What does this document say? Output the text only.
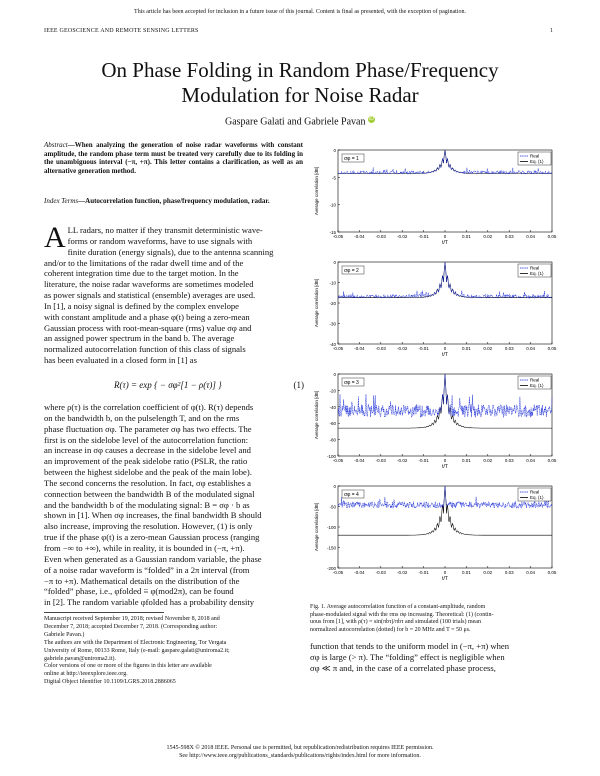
This article has been accepted for inclusion in a future issue of this journal. Content is final as presented, with the exception of pagination.
IEEE GEOSCIENCE AND REMOTE SENSING LETTERS	1
On Phase Folding in Random Phase/Frequency
Modulation for Noise Radar
Gaspare Galati and Gabriele Pavan iD
Abstract—When analyzing the generation of noise radar waveforms with constant amplitude, the random phase term must be treated very carefully due to its folding in the unambiguous interval (−π, +π). This letter contains a clarification, as well as an alternative generation method.
Index Terms—Autocorrelation function, phase/frequency modulation, radar.
A LL radars, no matter if they transmit deterministic wave-
forms or random waveforms, have to use signals with
finite duration (energy signals), due to the antenna scanning
and/or to the limitations of the radar dwell time and of the
coherent integration time due to the target motion. In the
literature, the noise radar waveforms are sometimes modeled
as power signals and statistical (ensemble) averages are used.
In [1], a noisy signal is defined by the complex envelope
with constant amplitude and a phase φ(t) being a zero-mean
Gaussian process with root-mean-square (rms) value σφ and
an assigned power spectrum in the band b. The average
normalized autocorrelation function of this class of signals
has been evaluated in a closed form in [1] as
R(τ) = exp { − σφ²[1 − ρ(τ)] }	(1)
where ρ(τ) is the correlation coefficient of φ(t). R(τ) depends
on the bandwidth b, on the pulselength T, and on the rms
phase fluctuation σφ. The parameter σφ has two effects. The
first is on the sidelobe level of the autocorrelation function:
an increase in σφ causes a decrease in the sidelobe level and
an improvement of the peak sidelobe ratio (PSLR, the ratio
between the highest sidelobe and the peak of the main lobe).
The second concerns the resolution. In fact, σφ establishes a
connection between the bandwidth B of the modulated signal
and the bandwidth b of the modulating signal: B = σφ · b as
shown in [1]. When σφ increases, the final bandwidth B should
also increase, improving the resolution. However, (1) is only
true if the phase φ(t) is a zero-mean Gaussian process (ranging
from −∞ to +∞), while in reality, it is bounded in (−π, +π).
Even when generated as a Gaussian random variable, the phase
of a noise radar waveform is “folded” in a 2π interval (from
−π to +π). Mathematical details on the distribution of the
“folded” phase, i.e., φfolded ≡ φ(mod2π), can be found
in [2]. The random variable φfolded has a probability density
Manuscript received September 19, 2018; revised November 8, 2018 and
December 7, 2018; accepted December 7, 2018. (Corresponding author:
Gabriele Pavan.)
The authors are with the Department of Electronic Engineering, Tor Vergata
University of Rome, 00133 Rome, Italy (e-mail: gaspare.galati@uniroma2.it;
gabriele.pavan@uniroma2.it).
Color versions of one or more of the figures in this letter are available
online at http://ieeexplore.ieee.org.
Digital Object Identifier 10.1109/LGRS.2018.2886065
0
-5
-10
-15
-0.05 -0.04 -0.03 -0.02 -0.01	0	0.01	0.02	0.03	0.04	0.05
t/T
Average correlation [dB]
σφ = 1	Real
Eq. (1)
0
-10
-20
-30
-40
-0.05 -0.04 -0.03 -0.02 -0.01	0	0.01	0.02	0.03	0.04	0.05
t/T
Average correlation [dB]
σφ = 2	Real
Eq. (1)
0
-20
-40
-60
-80
-100
-0.05 -0.04 -0.03 -0.02 -0.01	0	0.01	0.02	0.03	0.04	0.05
t/T
Average correlation [dB]
σφ = 3	Real
Eq. (1)
0
-50
-100
-150
-200
-0.05 -0.04 -0.03 -0.02 -0.01	0	0.01	0.02	0.03	0.04	0.05
t/T
Average correlation [dB]
σφ = 4	Real
Eq. (1)
Fig. 1. Average autocorrelation function of a constant-amplitude, random
phase-modulated signal with the rms σφ increasing. Theoretical: (1) (contin-
uous from [1], with ρ(τ) = sin(πbτ)/πbτ and simulated (100 trials) mean
normalized autocorrelation (dotted) for b = 20 MHz and T = 50 μs.
function that tends to the uniform model in (−π, +π) when
σφ is large (> π). The “folding” effect is negligible when
σφ ≪ π and, in the case of a correlated phase process,
1545-598X © 2018 IEEE. Personal use is permitted, but republication/redistribution requires IEEE permission.
See http://www.ieee.org/publications_standards/publications/rights/index.html for more information.
